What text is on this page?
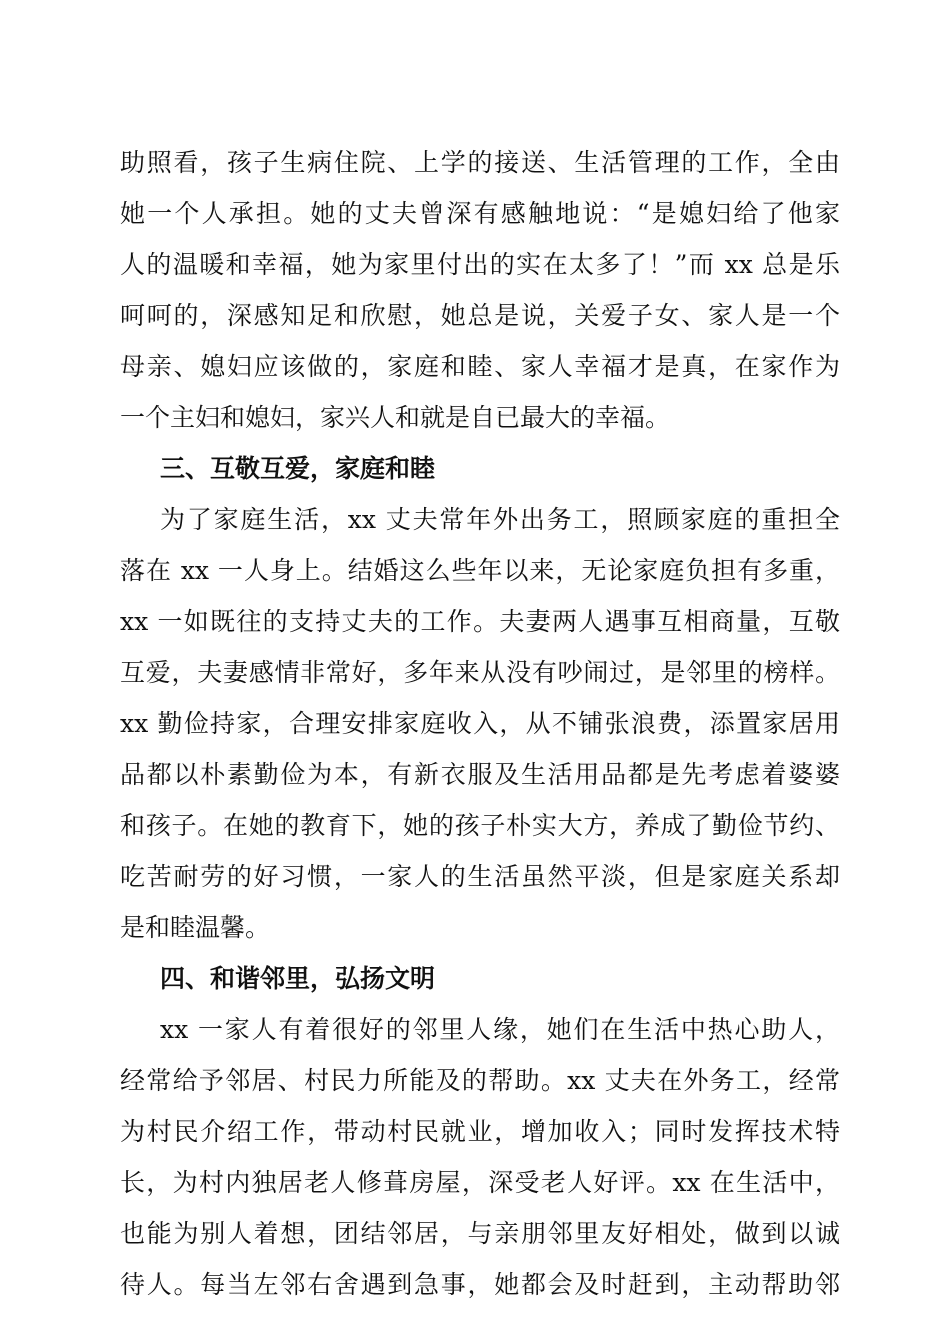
助照看，孩子生病住院、上学的接送、生活管理的工作，全由
她一个人承担。她的丈夫曾深有感触地说：“是媳妇给了他家
人的温暖和幸福，她为家里付出的实在太多了！”而 xx 总是乐
呵呵的，深感知足和欣慰，她总是说，关爱子女、家人是一个
母亲、媳妇应该做的，家庭和睦、家人幸福才是真，在家作为
一个主妇和媳妇，家兴人和就是自已最大的幸福。
三、互敬互爱，家庭和睦
为了家庭生活，xx 丈夫常年外出务工，照顾家庭的重担全
落在 xx 一人身上。结婚这么些年以来，无论家庭负担有多重，
xx 一如既往的支持丈夫的工作。夫妻两人遇事互相商量，互敬
互爱，夫妻感情非常好，多年来从没有吵闹过，是邻里的榜样。
xx 勤俭持家，合理安排家庭收入，从不铺张浪费，添置家居用
品都以朴素勤俭为本，有新衣服及生活用品都是先考虑着婆婆
和孩子。在她的教育下，她的孩子朴实大方，养成了勤俭节约、
吃苦耐劳的好习惯，一家人的生活虽然平淡，但是家庭关系却
是和睦温馨。
四、和谐邻里，弘扬文明
xx 一家人有着很好的邻里人缘，她们在生活中热心助人，
经常给予邻居、村民力所能及的帮助。xx 丈夫在外务工，经常
为村民介绍工作，带动村民就业，增加收入；同时发挥技术特
长，为村内独居老人修葺房屋，深受老人好评。xx 在生活中，
也能为别人着想，团结邻居，与亲朋邻里友好相处，做到以诚
待人。每当左邻右舍遇到急事，她都会及时赶到，主动帮助邻
